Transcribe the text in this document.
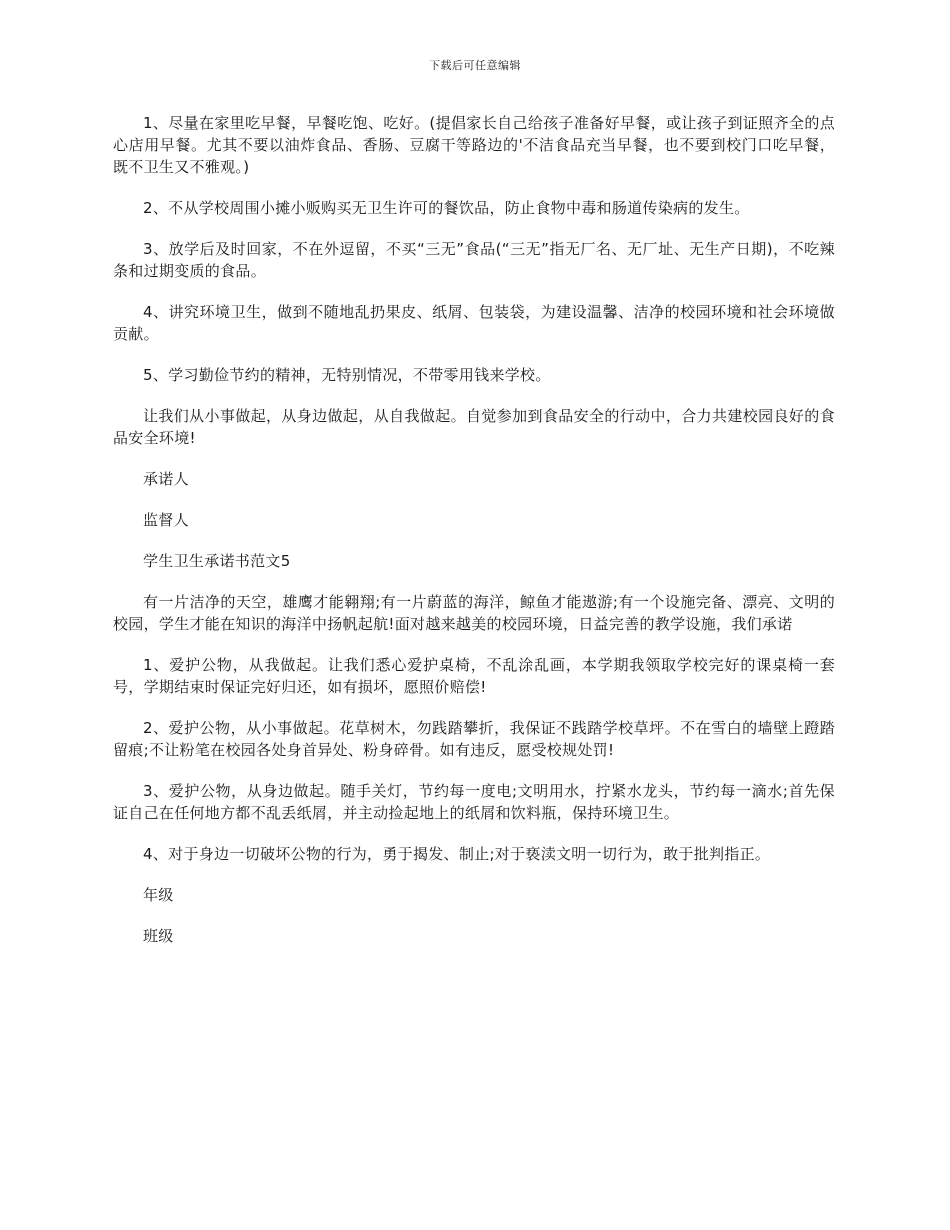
下载后可任意编辑

1、尽量在家里吃早餐，早餐吃饱、吃好。(提倡家长自己给孩子准备好早餐，或让孩子到证照齐全的点心店用早餐。尤其不要以油炸食品、香肠、豆腐干等路边的'不洁食品充当早餐，也不要到校门口吃早餐，既不卫生又不雅观。)

2、不从学校周围小摊小贩购买无卫生许可的餐饮品，防止食物中毒和肠道传染病的发生。

3、放学后及时回家，不在外逗留，不买“三无”食品(“三无”指无厂名、无厂址、无生产日期)，不吃辣条和过期变质的食品。

4、讲究环境卫生，做到不随地乱扔果皮、纸屑、包装袋，为建设温馨、洁净的校园环境和社会环境做贡献。

5、学习勤俭节约的精神，无特别情况，不带零用钱来学校。

让我们从小事做起，从身边做起，从自我做起。自觉参加到食品安全的行动中，合力共建校园良好的食品安全环境!

承诺人

监督人

学生卫生承诺书范文5

有一片洁净的天空，雄鹰才能翱翔;有一片蔚蓝的海洋，鲸鱼才能遨游;有一个设施完备、漂亮、文明的校园，学生才能在知识的海洋中扬帆起航!面对越来越美的校园环境，日益完善的教学设施，我们承诺

1、爱护公物，从我做起。让我们悉心爱护桌椅，不乱涂乱画，本学期我领取学校完好的课桌椅一套 号，学期结束时保证完好归还，如有损坏，愿照价赔偿!

2、爱护公物，从小事做起。花草树木，勿践踏攀折，我保证不践踏学校草坪。不在雪白的墙壁上蹬踏留痕;不让粉笔在校园各处身首异处、粉身碎骨。如有违反，愿受校规处罚!

3、爱护公物，从身边做起。随手关灯，节约每一度电;文明用水，拧紧水龙头，节约每一滴水;首先保证自己在任何地方都不乱丢纸屑，并主动捡起地上的纸屑和饮料瓶，保持环境卫生。

4、对于身边一切破坏公物的行为，勇于揭发、制止;对于亵渎文明一切行为，敢于批判指正。

年级

班级
